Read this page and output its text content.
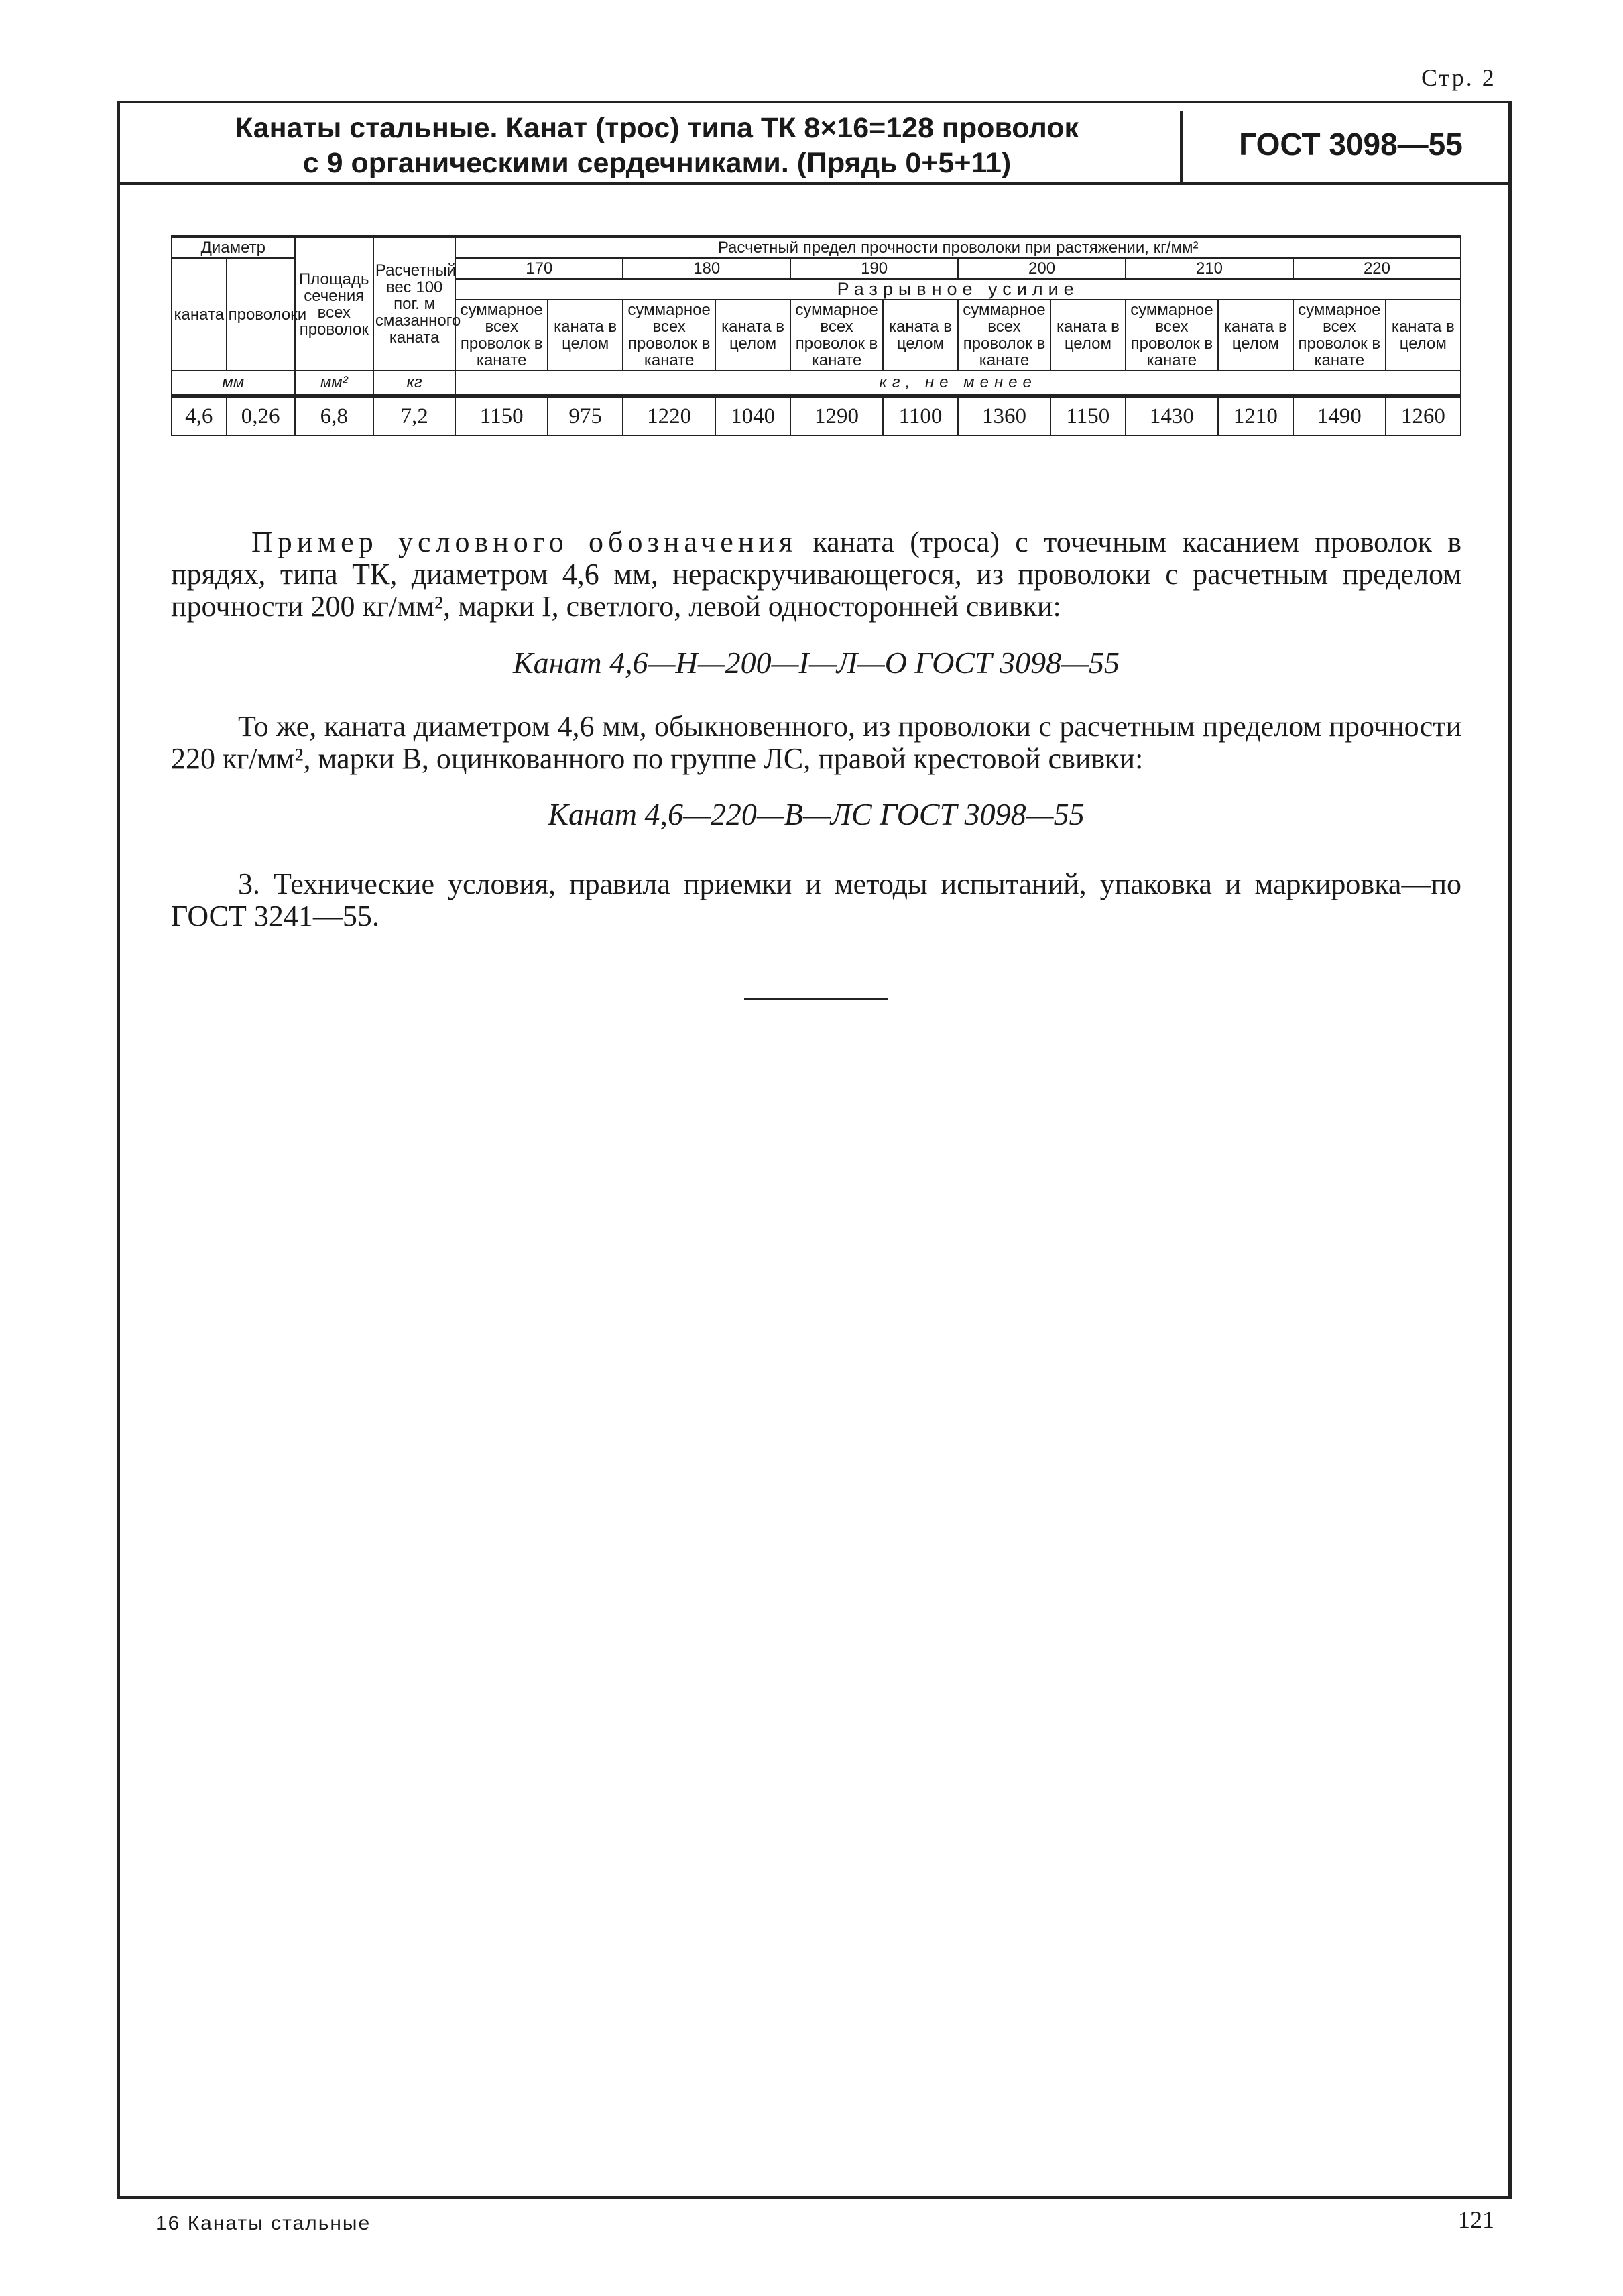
Стр. 2
Канаты стальные. Канат (трос) типа ТК 8×16=128 проволок
с 9 органическими сердечниками. (Прядь 0+5+11)
ГОСТ 3098—55
Диаметр		Площадь сечения всех проволок	Расчетный вес 100 пог. м смазанного каната	Расчетный предел прочности проволоки при растяжении, кг/мм²											
каната	проволоки			170		180		190		200		210		220	
				Разрывное усилие											
				суммарное всех проволок в канате	каната в целом	суммарное всех проволок в канате	каната в целом	суммарное всех проволок в канате	каната в целом	суммарное всех проволок в канате	каната в целом	суммарное всех проволок в канате	каната в целом	суммарное всех проволок в канате	каната в целом
мм		мм²	кг	кг, не менее											
4,6	0,26	6,8	7,2	1150	975	1220	1040	1290	1100	1360	1150	1430	1210	1490	1260
Пример условного обозначения каната (троса) с точечным касанием проволок в прядях, типа ТК, диаметром 4,6 мм, нераскручивающегося, из проволоки с расчетным пределом прочности 200 кг/мм², марки I, светлого, левой односторонней свивки:
Канат 4,6—Н—200—I—Л—О ГОСТ 3098—55
То же, каната диаметром 4,6 мм, обыкновенного, из проволоки с расчетным пределом прочности 220 кг/мм², марки В, оцинкованного по группе ЛС, правой крестовой свивки:
Канат 4,6—220—В—ЛС ГОСТ 3098—55
3. Технические условия, правила приемки и методы испытаний, упаковка и маркировка—по ГОСТ 3241—55.
16 Канаты стальные	121
